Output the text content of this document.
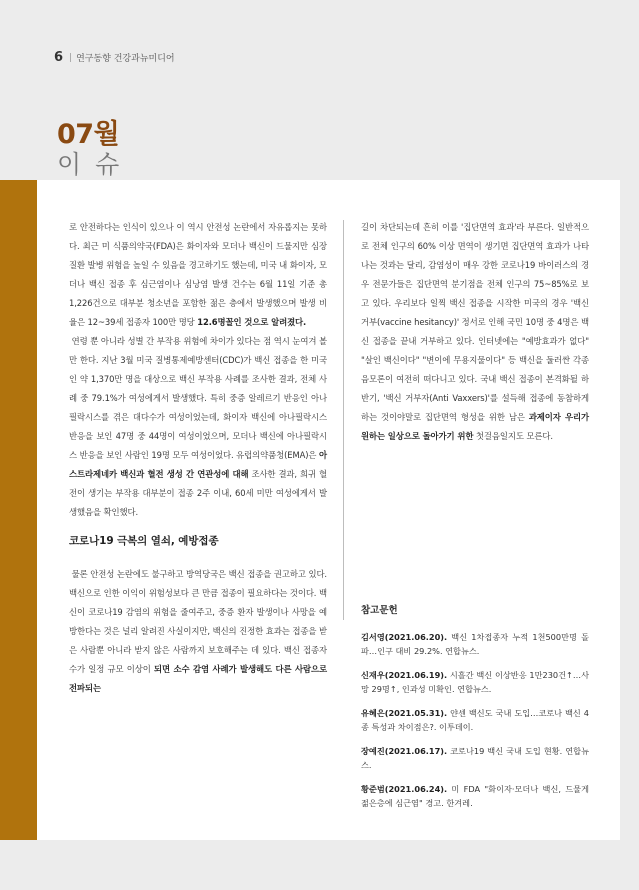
6 | 연구동향 건강과뉴미디어
07월
이 슈

로 안전하다는 인식이 있으나 이 역시 안전성 논란에서 자유롭지는 못하다. 최근 미 식품의약국(FDA)은 화이자와 모더나 백신이 드물지만 심장질환 발병 위험을 높일 수 있음을 경고하기도 했는데, 미국 내 화이자, 모더나 백신 접종 후 심근염이나 심낭염 발생 건수는 6월 11일 기준 총 1,226건으로 대부분 청소년을 포함한 젊은 층에서 발생했으며 발생 비율은 12~39세 접종자 100만 명당 12.6명꼴인 것으로 알려졌다.

연령 뿐 아니라 성별 간 부작용 위험에 차이가 있다는 점 역시 눈여겨 볼만 한다. 지난 3월 미국 질병통제예방센터(CDC)가 백신 접종을 한 미국인 약 1,370만 명을 대상으로 백신 부작용 사례를 조사한 결과, 전체 사례 중 79.1%가 여성에게서 발생했다. 특히 중증 알레르기 반응인 아나필락시스를 겪은 대다수가 여성이었는데, 화이자 백신에 아나필락시스 반응을 보인 47명 중 44명이 여성이었으며, 모더나 백신에 아나필락시스 반응을 보인 사람인 19명 모두 여성이었다. 유럽의약품청(EMA)은 아스트라제네카 백신과 혈전 생성 간 연관성에 대해 조사한 결과, 희귀 혈전이 생기는 부작용 대부분이 접종 2주 이내, 60세 미만 여성에게서 발생했음을 확인했다.

코로나19 극복의 열쇠, 예방접종

물론 안전성 논란에도 불구하고 방역당국은 백신 접종을 권고하고 있다. 백신으로 인한 이익이 위험성보다 큰 만큼 접종이 필요하다는 것이다. 백신이 코로나19 감염의 위험을 줄여주고, 중증 환자 발생이나 사망을 예방한다는 것은 널리 알려진 사실이지만, 백신의 진정한 효과는 접종을 받은 사람뿐 아니라 받지 않은 사람까지 보호해주는 데 있다. 백신 접종자 수가 일정 규모 이상이 되면 소수 감염 사례가 발생해도 다른 사람으로 전파되는

길이 차단되는데 흔히 이를 '집단면역 효과'라 부른다. 일반적으로 전체 인구의 60% 이상 면역이 생기면 집단면역 효과가 나타나는 것과는 달리, 감염성이 매우 강한 코로나19 바이러스의 경우 전문가들은 집단면역 분기점을 전체 인구의 75~85%로 보고 있다. 우리보다 일찍 백신 접종을 시작한 미국의 경우 '백신 거부(vaccine hesitancy)' 정서로 인해 국민 10명 중 4명은 백신 접종을 끝내 거부하고 있다. 인터넷에는 "예방효과가 없다" "살인 백신이다" "변이에 무용지물이다" 등 백신을 둘러싼 각종 음모론이 여전히 떠다니고 있다. 국내 백신 접종이 본격화될 하반기, '백신 거부자(Anti Vaxxers)'를 설득해 접종에 동참하게 하는 것이야말로 집단면역 형성을 위한 남은 과제이자 우리가 원하는 일상으로 돌아가기 위한 첫걸음일지도 모른다.

참고문헌
김서영(2021.06.20). 백신 1차접종자 누적 1천500만명 돌파…인구 대비 29.2%. 연합뉴스.
신재우(2021.06.19). 시흘간 백신 이상반응 1만230건↑…사망 29명↑, 인과성 미확인. 연합뉴스.
유혜은(2021.05.31). 얀센 백신도 국내 도입…코로나 백신 4종 특성과 차이점은?. 이투데이.
장예진(2021.06.17). 코로나19 백신 국내 도입 현황. 연합뉴스.
황준범(2021.06.24). 미 FDA "화이자·모더나 백신, 드물게 젊은층에 심근염" 경고. 한겨레.
